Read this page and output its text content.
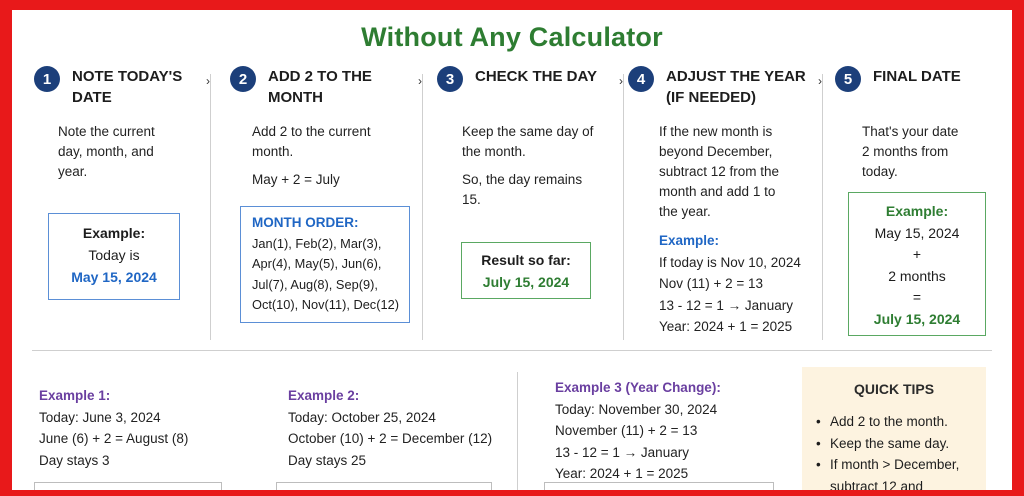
Without Any Calculator
1	NOTE TODAY'S
DATE
Note the current
day, month, and
year.
Example:
Today is
May 15, 2024
›	2	ADD 2 TO THE
MONTH
Add 2 to the current
month.
May + 2 = July
MONTH ORDER:
Jan(1), Feb(2), Mar(3),
Apr(4), May(5), Jun(6),
Jul(7), Aug(8), Sep(9),
Oct(10), Nov(11), Dec(12)
›	3	CHECK THE DAY
Keep the same day of
the month.
So, the day remains
15.
Result so far:
July 15, 2024
› 4	ADJUST THE YEAR
(IF NEEDED)
If the new month is
beyond December,
subtract 12 from the
month and add 1 to
the year.
Example:
If today is Nov 10, 2024
Nov (11) + 2 = 13
13 - 12 = 1 → January
Year: 2024 + 1 = 2025
›	5	FINAL DATE
That's your date
2 months from
today.
Example:
May 15, 2024
+
2 months
=
July 15, 2024
Example 1:
Today: June 3, 2024
June (6) + 2 = August (8)
Day stays 3
Example 2:
Today: October 25, 2024
October (10) + 2 = December (12)
Day stays 25
Example 3 (Year Change):
Today: November 30, 2024
November (11) + 2 = 13
13 - 12 = 1 → January
Year: 2024 + 1 = 2025
QUICK TIPS
• Add 2 to the month.
• Keep the same day.
• If month > December,
subtract 12 and
